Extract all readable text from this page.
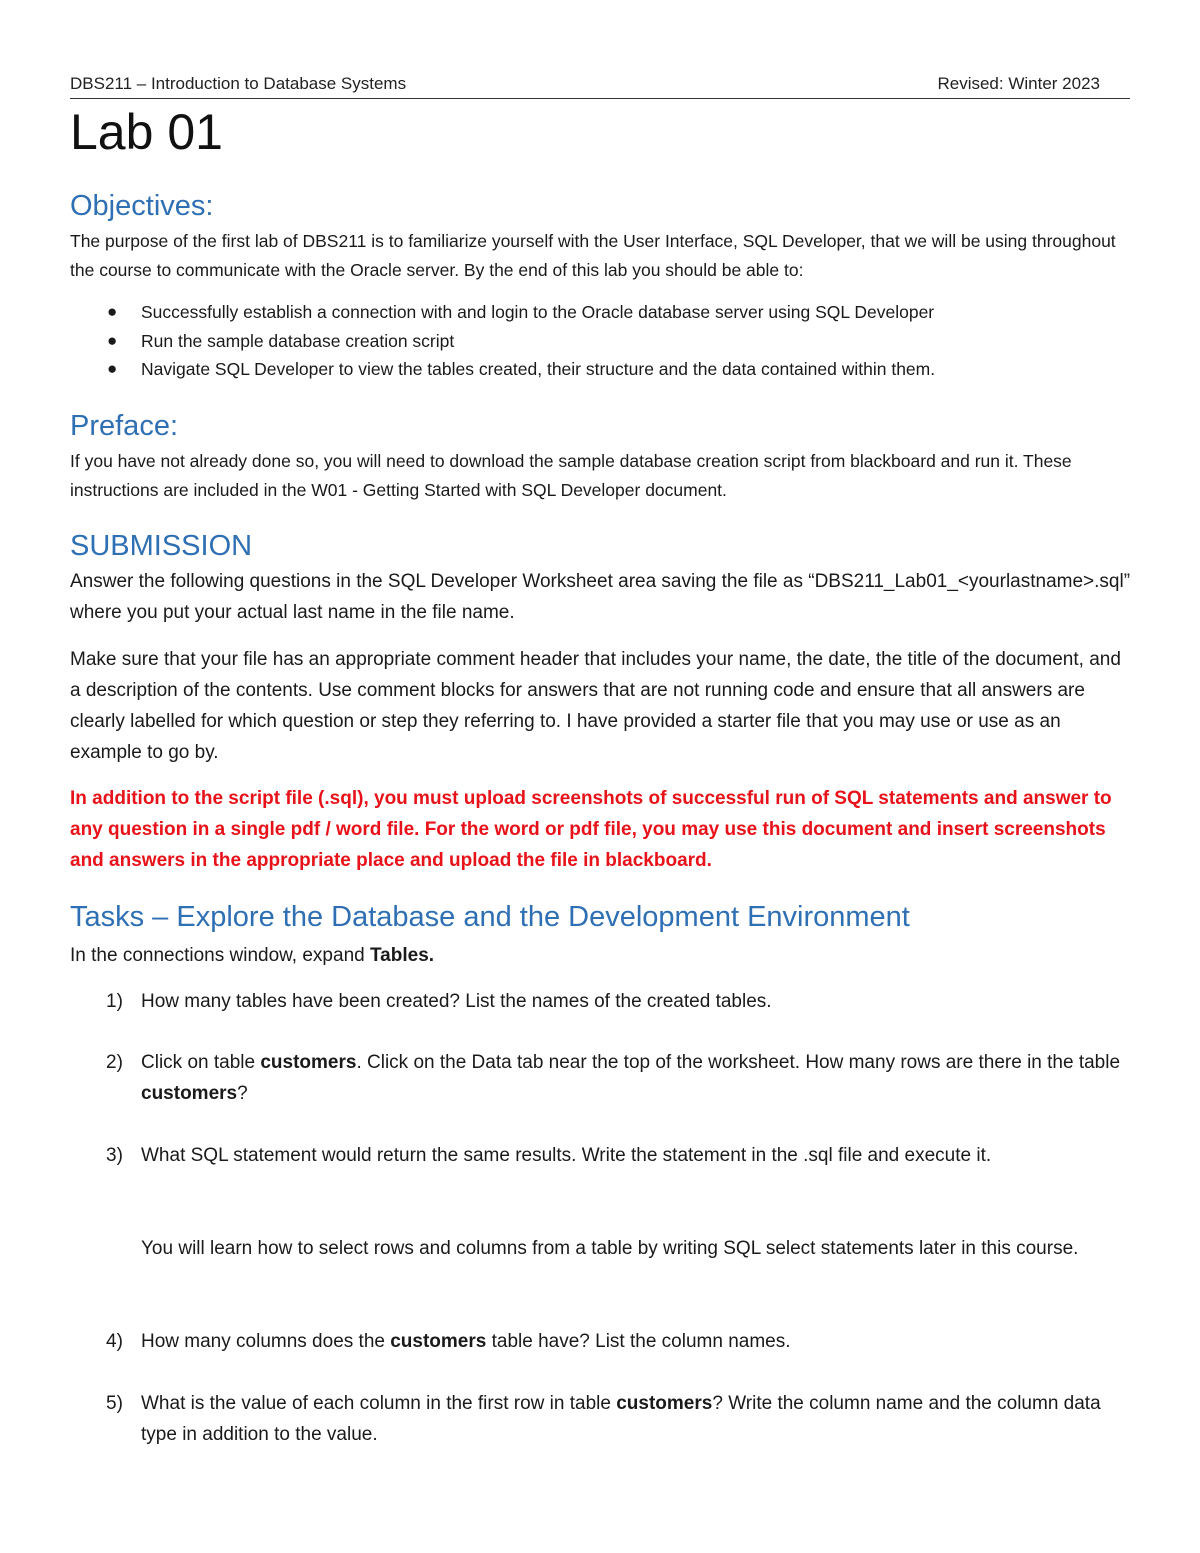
DBS211 – Introduction to Database Systems	Revised: Winter 2023
Lab 01
Objectives:

The purpose of the first lab of DBS211 is to familiarize yourself with the User Interface, SQL Developer, that we will be using throughout the course to communicate with the Oracle server. By the end of this lab you should be able to:

● Successfully establish a connection with and login to the Oracle database server using SQL Developer
● Run the sample database creation script
● Navigate SQL Developer to view the tables created, their structure and the data contained within them.
Preface:

If you have not already done so, you will need to download the sample database creation script from blackboard and run it. These instructions are included in the W01 - Getting Started with SQL Developer document.

SUBMISSION

Answer the following questions in the SQL Developer Worksheet area saving the file as “DBS211_Lab01_<yourlastname>.sql” where you put your actual last name in the file name.

Make sure that your file has an appropriate comment header that includes your name, the date, the title of the document, and a description of the contents. Use comment blocks for answers that are not running code and ensure that all answers are clearly labelled for which question or step they referring to. I have provided a starter file that you may use or use as an example to go by.

In addition to the script file (.sql), you must upload screenshots of successful run of SQL statements and answer to any question in a single pdf / word file. For the word or pdf file, you may use this document and insert screenshots and answers in the appropriate place and upload the file in blackboard.

Tasks – Explore the Database and the Development Environment

In the connections window, expand Tables.

1) How many tables have been created? List the names of the created tables.
2) Click on table customers. Click on the Data tab near the top of the worksheet. How many rows are there in the table customers?
3) What SQL statement would return the same results. Write the statement in the .sql file and execute it.

You will learn how to select rows and columns from a table by writing SQL select statements later in this course.

4) How many columns does the customers table have? List the column names.
5) What is the value of each column in the first row in table customers? Write the column name and the column data type in addition to the value.
